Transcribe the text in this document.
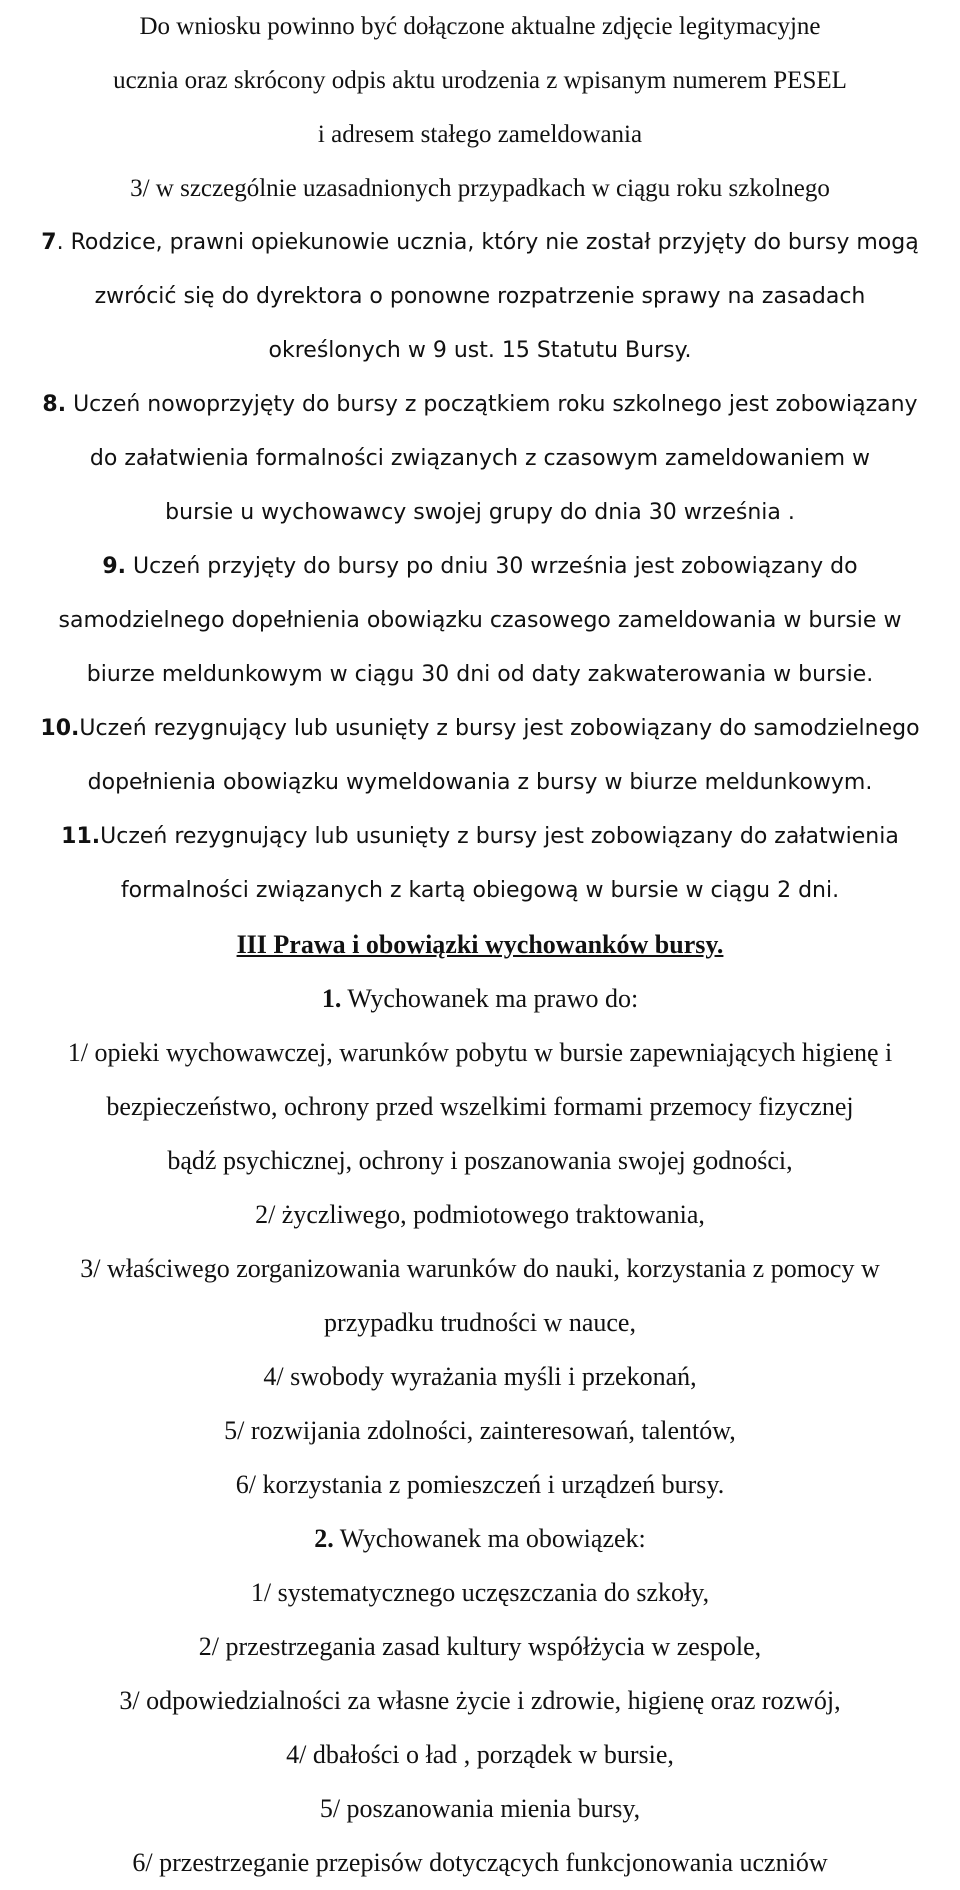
Do wniosku powinno być dołączone aktualne zdjęcie legitymacyjne
ucznia oraz skrócony odpis aktu urodzenia z wpisanym numerem PESEL
i adresem stałego zameldowania
3/ w szczególnie uzasadnionych przypadkach w ciągu roku szkolnego
7. Rodzice, prawni opiekunowie ucznia, który nie został przyjęty do bursy mogą
zwrócić się do dyrektora o ponowne rozpatrzenie sprawy na zasadach
określonych w 9 ust. 15 Statutu Bursy.
8. Uczeń nowoprzyjęty do bursy z początkiem roku szkolnego jest zobowiązany
do załatwienia formalności związanych z czasowym zameldowaniem w
bursie u wychowawcy swojej grupy do dnia 30 września .
9. Uczeń przyjęty do bursy po dniu 30 września jest zobowiązany do
samodzielnego dopełnienia obowiązku czasowego zameldowania w bursie w
biurze meldunkowym w ciągu 30 dni od daty zakwaterowania w bursie.
10.Uczeń rezygnujący lub usunięty z bursy jest zobowiązany do samodzielnego
dopełnienia obowiązku wymeldowania z bursy w biurze meldunkowym.
11.Uczeń rezygnujący lub usunięty z bursy jest zobowiązany do załatwienia
formalności związanych z kartą obiegową w bursie w ciągu 2 dni.
III Prawa i obowiązki wychowanków bursy.
1. Wychowanek ma prawo do:
1/ opieki wychowawczej, warunków pobytu w bursie zapewniających higienę i
bezpieczeństwo, ochrony przed wszelkimi formami przemocy fizycznej
bądź psychicznej, ochrony i poszanowania swojej godności,
2/ życzliwego, podmiotowego traktowania,
3/ właściwego zorganizowania warunków do nauki, korzystania z pomocy w
przypadku trudności w nauce,
4/ swobody wyrażania myśli i przekonań,
5/ rozwijania zdolności, zainteresowań, talentów,
6/ korzystania z pomieszczeń i urządzeń bursy.
2. Wychowanek ma obowiązek:
1/ systematycznego uczęszczania do szkoły,
2/ przestrzegania zasad kultury współżycia w zespole,
3/ odpowiedzialności za własne życie i zdrowie, higienę oraz rozwój,
4/ dbałości o ład , porządek w bursie,
5/ poszanowania mienia bursy,
6/ przestrzeganie przepisów dotyczących funkcjonowania uczniów
